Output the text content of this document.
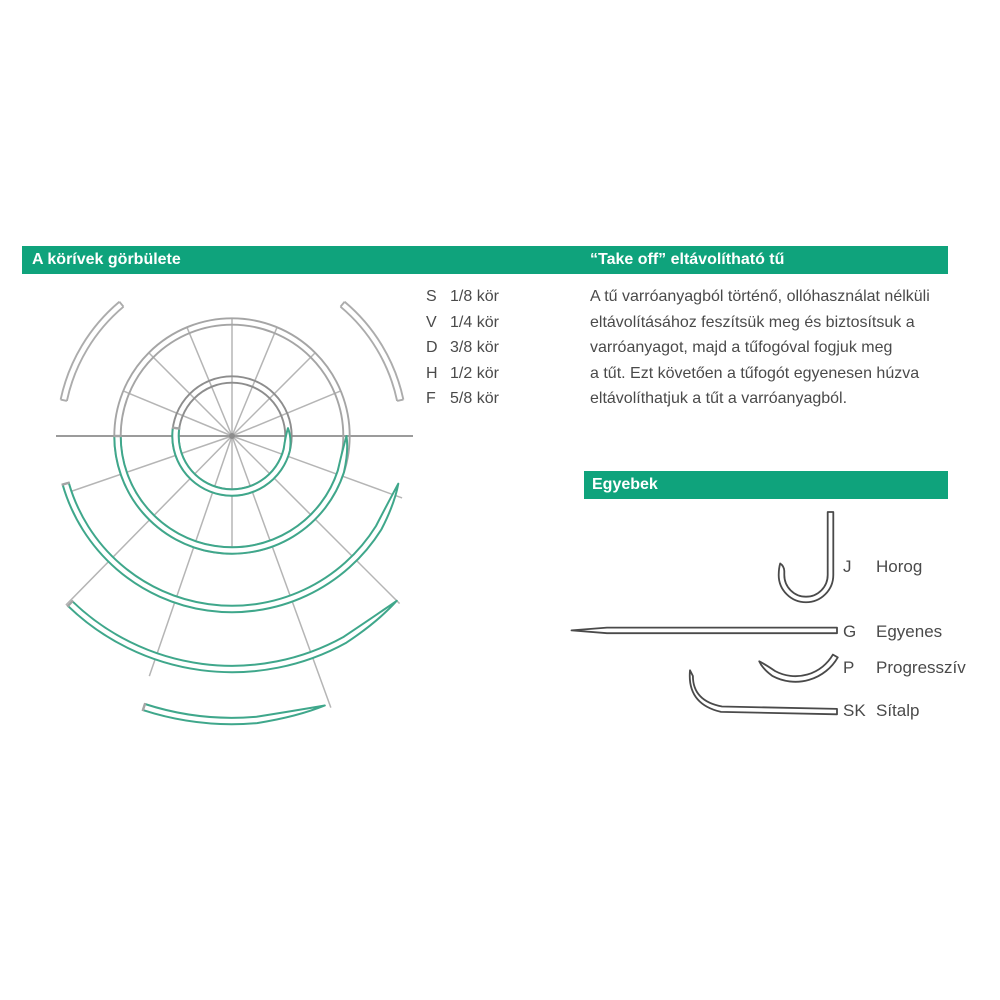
A körívek görbülete	“Take off” eltávolítható tű
S 1/8 kör
V 1/4 kör
D 3/8 kör
H 1/2 kör
F 5/8 kör
A tű varróanyagból történő, ollóhasználat nélküli
eltávolításához feszítsük meg és biztosítsuk a
varróanyagot, majd a tűfogóval fogjuk meg
a tűt. Ezt követően a tűfogót egyenesen húzva
eltávolíthatjuk a tűt a varróanyagból.
Egyebek
J Horog
G Egyenes
P Progresszív
SK Sítalp
